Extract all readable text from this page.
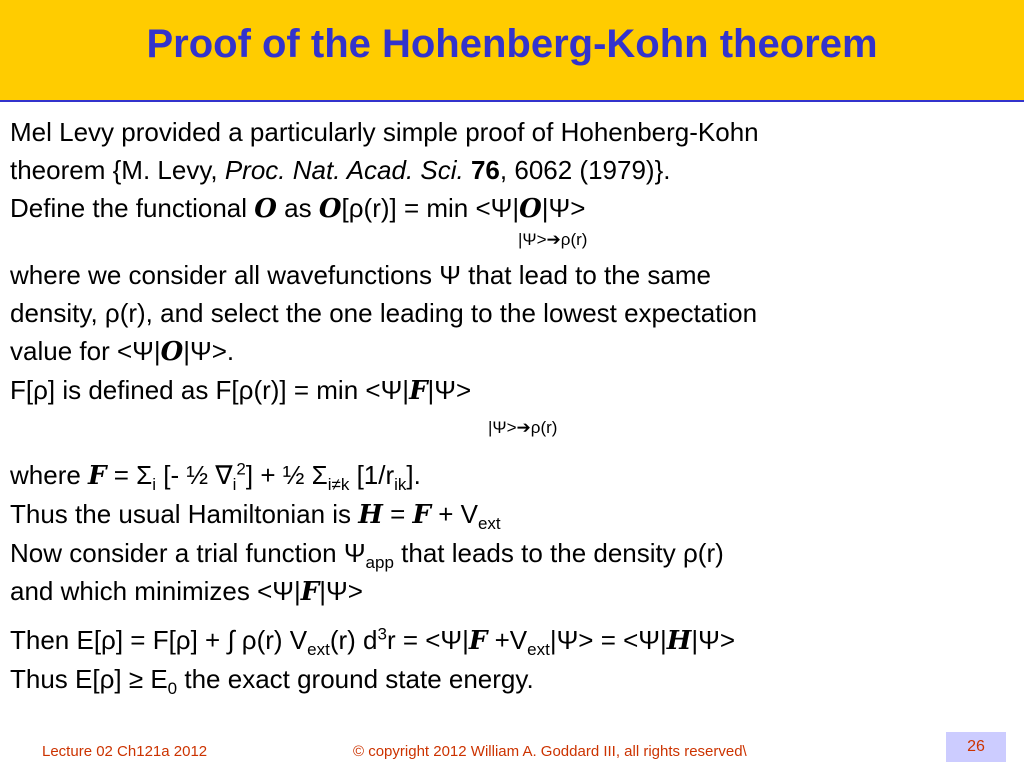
Proof of the Hohenberg-Kohn theorem
Mel Levy provided a particularly simple proof of Hohenberg-Kohn
theorem {M. Levy, Proc. Nat. Acad. Sci. 76, 6062 (1979)}.
Define the functional O as O[ρ(r)] = min <Ψ|O|Ψ>
|Ψ>➔ρ(r)
where we consider all wavefunctions Ψ that lead to the same
density, ρ(r), and select the one leading to the lowest expectation
value for <Ψ|O|Ψ>.
F[ρ] is defined as F[ρ(r)] = min <Ψ|F|Ψ>
|Ψ>➔ρ(r)
where $F = \Sigma_i$ [- ½ $\nabla_i^2$] + ½ $\Sigma_{i\ne k}$ $[1/r_{ik}]$.
Thus the usual Hamiltonian is $H = F + V_{ext}$
Now consider a trial function $\Psi_{app}$ that leads to the density ρ(r)
and which minimizes <Ψ|F|Ψ>
Then E[ρ] = F[ρ] + ∫ ρ(r) $V_{ext}(r) d^3r = <\Psi|F +V_{ext}|\Psi> = <\Psi|H|\Psi>$
Thus $E[\rho] \ge E_0$ the exact ground state energy.
Lecture 02 Ch121a 2012	© copyright 2012 William A. Goddard III, all rights reserved\	26
